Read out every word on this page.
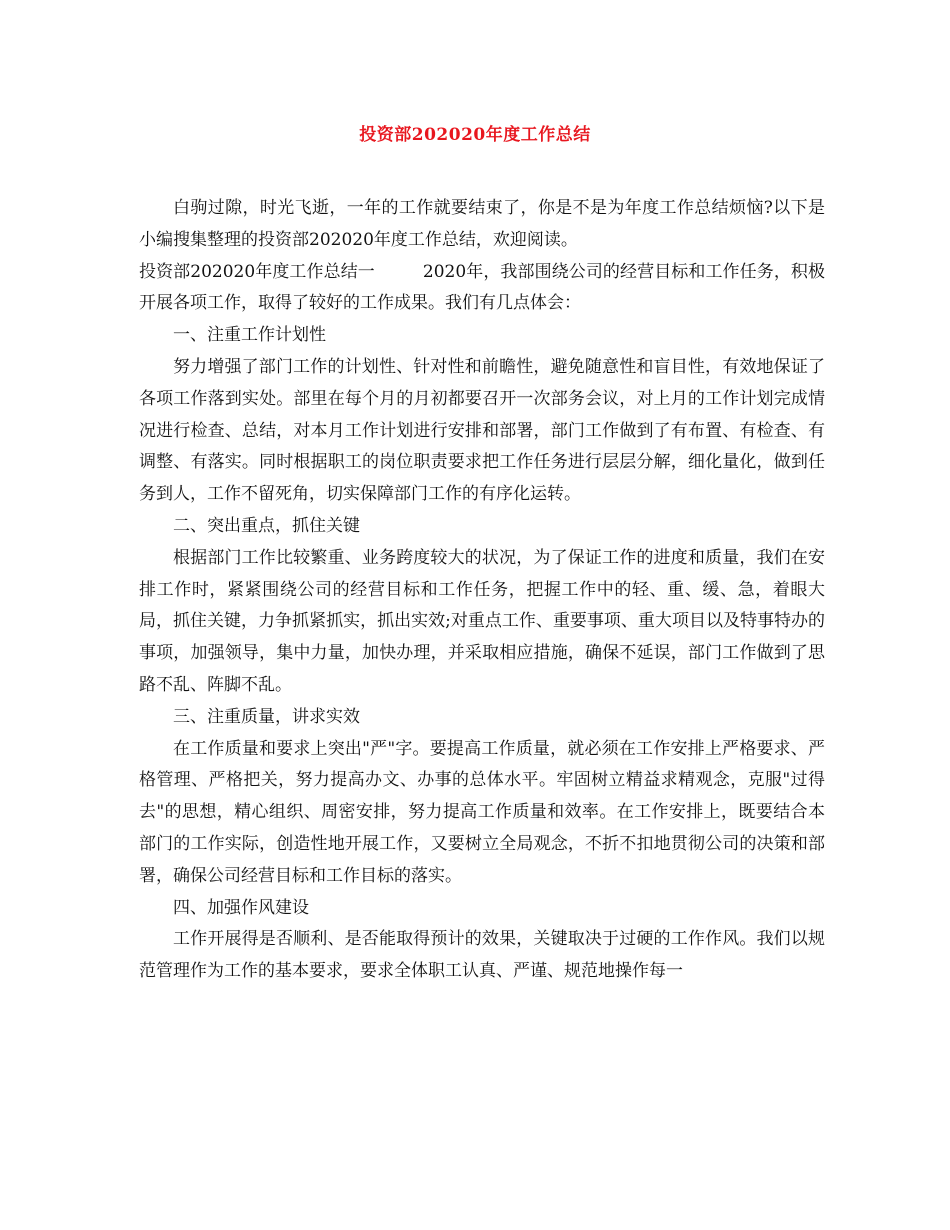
投资部202020年度工作总结

白驹过隙，时光飞逝，一年的工作就要结束了，你是不是为年度工作总结烦恼?以下是小编搜集整理的投资部202020年度工作总结，欢迎阅读。

投资部202020年度工作总结一	2020年，我部围绕公司的经营目标和工作任务，积极开展各项工作，取得了较好的工作成果。我们有几点体会：

一、注重工作计划性

努力增强了部门工作的计划性、针对性和前瞻性，避免随意性和盲目性，有效地保证了各项工作落到实处。部里在每个月的月初都要召开一次部务会议，对上月的工作计划完成情况进行检查、总结，对本月工作计划进行安排和部署，部门工作做到了有布置、有检查、有调整、有落实。同时根据职工的岗位职责要求把工作任务进行层层分解，细化量化，做到任务到人，工作不留死角，切实保障部门工作的有序化运转。

二、突出重点，抓住关键

根据部门工作比较繁重、业务跨度较大的状况，为了保证工作的进度和质量，我们在安排工作时，紧紧围绕公司的经营目标和工作任务，把握工作中的轻、重、缓、急，着眼大局，抓住关键，力争抓紧抓实，抓出实效;对重点工作、重要事项、重大项目以及特事特办的事项，加强领导，集中力量，加快办理，并采取相应措施，确保不延误，部门工作做到了思路不乱、阵脚不乱。

三、注重质量，讲求实效

在工作质量和要求上突出"严"字。要提高工作质量，就必须在工作安排上严格要求、严格管理、严格把关，努力提高办文、办事的总体水平。牢固树立精益求精观念，克服"过得去"的思想，精心组织、周密安排，努力提高工作质量和效率。在工作安排上，既要结合本部门的工作实际，创造性地开展工作，又要树立全局观念，不折不扣地贯彻公司的决策和部署，确保公司经营目标和工作目标的落实。

四、加强作风建设

工作开展得是否顺利、是否能取得预计的效果，关键取决于过硬的工作作风。我们以规范管理作为工作的基本要求，要求全体职工认真、严谨、规范地操作每一
